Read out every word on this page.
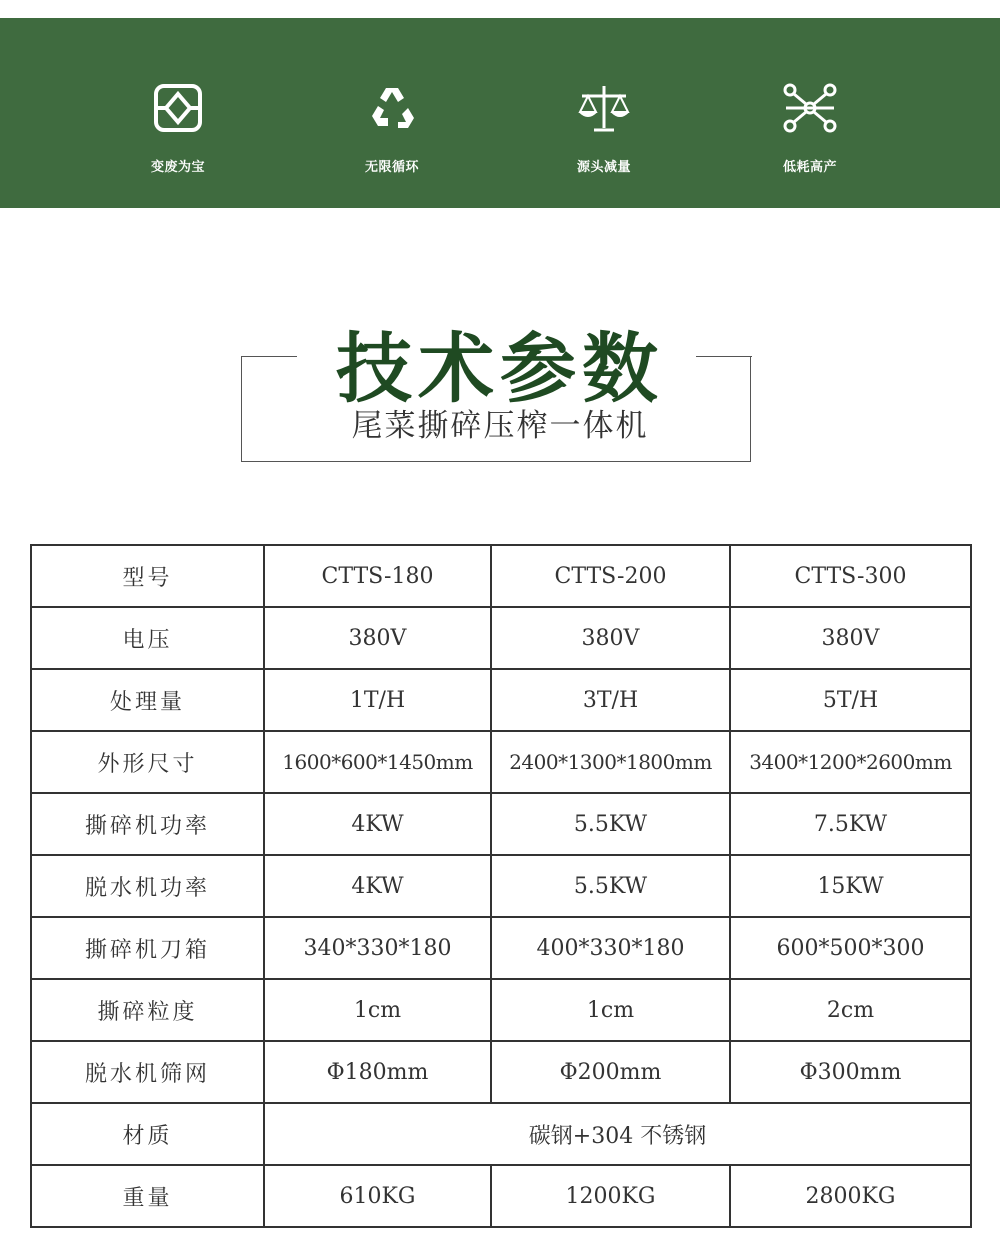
变废为宝	无限循环	源头减量	低耗高产
技术参数
尾菜撕碎压榨一体机
型号	CTTS-180	CTTS-200	CTTS-300
电压	380V	380V	380V
处理量	1T/H	3T/H	5T/H
外形尺寸	1600*600*1450mm	2400*1300*1800mm	3400*1200*2600mm
撕碎机功率	4KW	5.5KW	7.5KW
脱水机功率	4KW	5.5KW	15KW
撕碎机刀箱	340*330*180	400*330*180	600*500*300
撕碎粒度	1cm	1cm	2cm
脱水机筛网	Φ180mm	Φ200mm	Φ300mm
材质	碳钢+304 不锈钢		
重量	610KG	1200KG	2800KG
